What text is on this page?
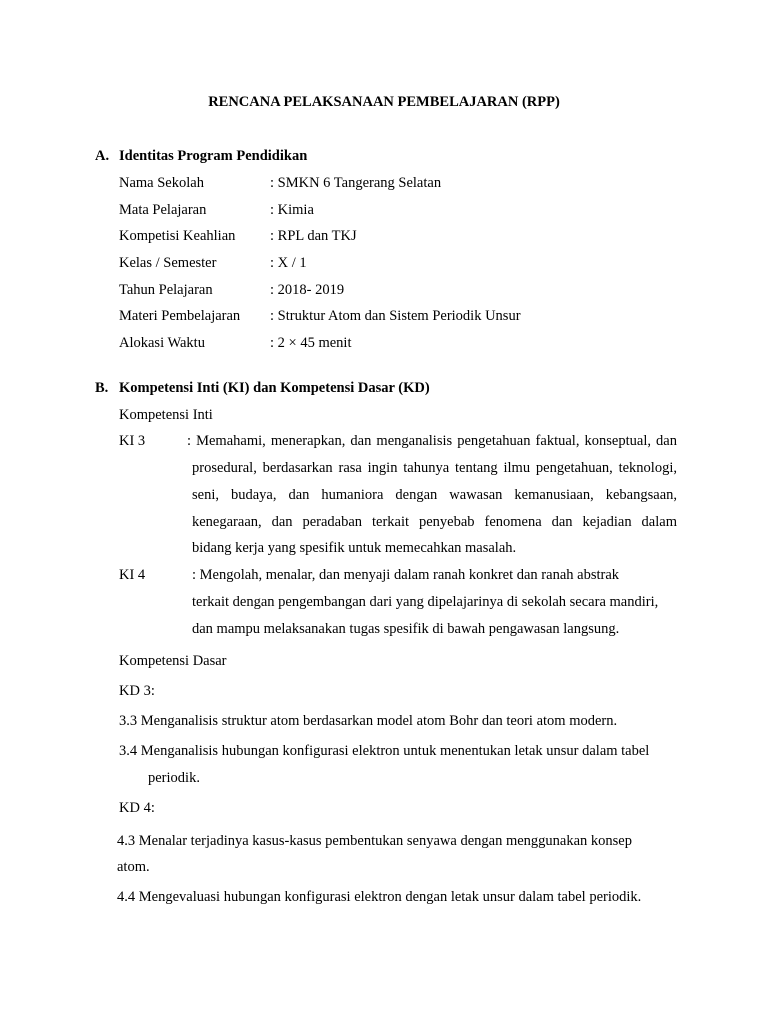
RENCANA PELAKSANAAN PEMBELAJARAN (RPP)
A. Identitas Program Pendidikan
Nama Sekolah	: SMKN 6 Tangerang Selatan
Mata Pelajaran	: Kimia
Kompetisi Keahlian : RPL dan TKJ
Kelas / Semester	: X / 1
Tahun Pelajaran	: 2018- 2019
Materi Pembelajaran : Struktur Atom dan Sistem Periodik Unsur
Alokasi Waktu	: 2 × 45 menit
B. Kompetensi Inti (KI) dan Kompetensi Dasar (KD)
Kompetensi Inti
KI 3	: Memahami, menerapkan, dan menganalisis pengetahuan faktual, konseptual, dan
prosedural, berdasarkan rasa ingin tahunya tentang ilmu pengetahuan, teknologi,
seni, budaya, dan humaniora dengan wawasan kemanusiaan, kebangsaan,
kenegaraan, dan peradaban terkait penyebab fenomena dan kejadian dalam
bidang kerja yang spesifik untuk memecahkan masalah.
KI 4	: Mengolah, menalar, dan menyaji dalam ranah konkret dan ranah abstrak
terkait dengan pengembangan dari yang dipelajarinya di sekolah secara mandiri,
dan mampu melaksanakan tugas spesifik di bawah pengawasan langsung.
Kompetensi Dasar
KD 3:
3.3 Menganalisis struktur atom berdasarkan model atom Bohr dan teori atom modern.
3.4 Menganalisis hubungan konfigurasi elektron untuk menentukan letak unsur dalam tabel
periodik.
KD 4:
4.3 Menalar terjadinya kasus-kasus pembentukan senyawa dengan menggunakan konsep
atom.
4.4 Mengevaluasi hubungan konfigurasi elektron dengan letak unsur dalam tabel periodik.
